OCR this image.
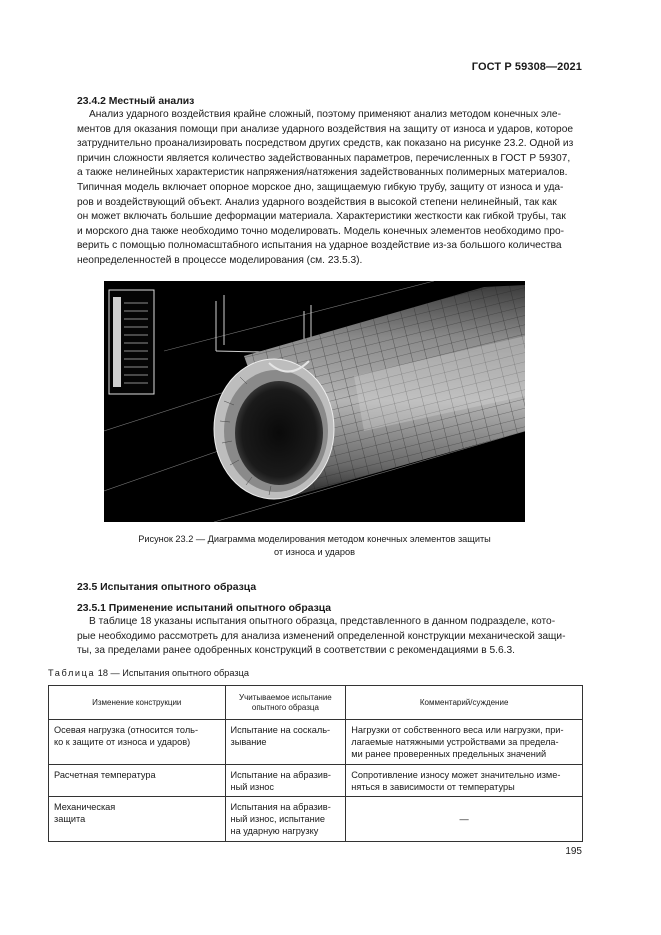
ГОСТ Р 59308—2021
23.4.2 Местный анализ

Анализ ударного воздействия крайне сложный, поэтому применяют анализ методом конечных эле-
ментов для оказания помощи при анализе ударного воздействия на защиту от износа и ударов, которое
затруднительно проанализировать посредством других средств, как показано на рисунке 23.2. Одной из
причин сложности является количество задействованных параметров, перечисленных в ГОСТ Р 59307,
а также нелинейных характеристик напряжения/натяжения задействованных полимерных материалов.
Типичная модель включает опорное морское дно, защищаемую гибкую трубу, защиту от износа и уда-
ров и воздействующий объект. Анализ ударного воздействия в высокой степени нелинейный, так как
он может включать большие деформации материала. Характеристики жесткости как гибкой трубы, так
и морского дна также необходимо точно моделировать. Модель конечных элементов необходимо про-
верить с помощью полномасштабного испытания на ударное воздействие из-за большого количества
неопределенностей в процессе моделирования (см. 23.5.3).

Рисунок 23.2 — Диаграмма моделирования методом конечных элементов защиты
от износа и ударов
23.5 Испытания опытного образца
23.5.1 Применение испытаний опытного образца

В таблице 18 указаны испытания опытного образца, представленного в данном подразделе, кото-
рые необходимо рассмотреть для анализа изменений определенной конструкции механической защи-
ты, за пределами ранее одобренных конструкций в соответствии с рекомендациями в 5.6.3.

Таблица 18 — Испытания опытного образца
Изменение конструкции	Учитываемое испытание опытного образца	Комментарий/суждение

Осевая нагрузка (относится толь-
ко к защите от износа и ударов)	Испытание на соскаль-
зывание	Нагрузки от собственного веса или нагрузки, при-
лагаемые натяжными устройствами за предела-
ми ранее проверенных предельных значений

Расчетная температура	Испытание на абразив-
ный износ	Сопротивление износу может значительно изме-
няться в зависимости от температуры

Механическая
защита	Испытания на абразив-
ный износ, испытание
на ударную нагрузку	—
195
